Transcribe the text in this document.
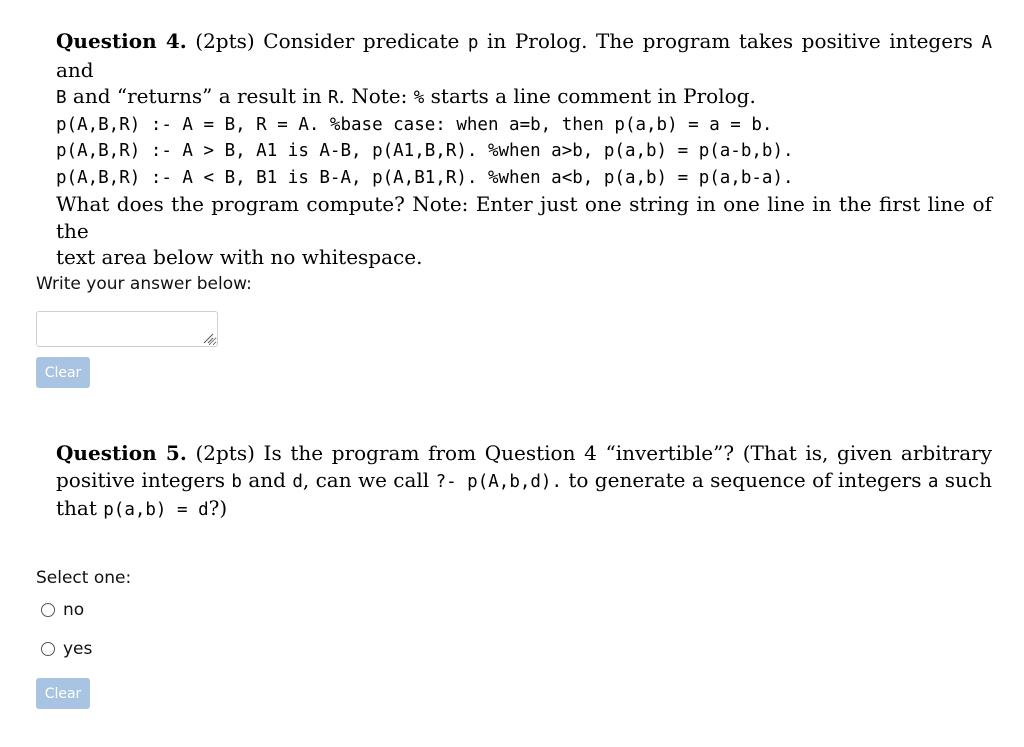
Question 4. (2pts) Consider predicate p in Prolog. The program takes positive integers A and

B and “returns” a result in R. Note: % starts a line comment in Prolog.

p(A,B,R) :- A = B, R = A. %base case: when a=b, then p(a,b) = a = b.

p(A,B,R) :- A > B, A1 is A-B, p(A1,B,R). %when a>b, p(a,b) = p(a-b,b).

p(A,B,R) :- A < B, B1 is B-A, p(A,B1,R). %when a<b, p(a,b) = p(a,b-a).

What does the program compute? Note: Enter just one string in one line in the first line of the

text area below with no whitespace.

Write your answer below:
Clear

Question 5. (2pts) Is the program from Question 4 “invertible”? (That is, given arbitrary

positive integers b and d, can we call ?- p(A,b,d). to generate a sequence of integers a such

that p(a,b) = d?)

Select one:
no
yes
Clear
